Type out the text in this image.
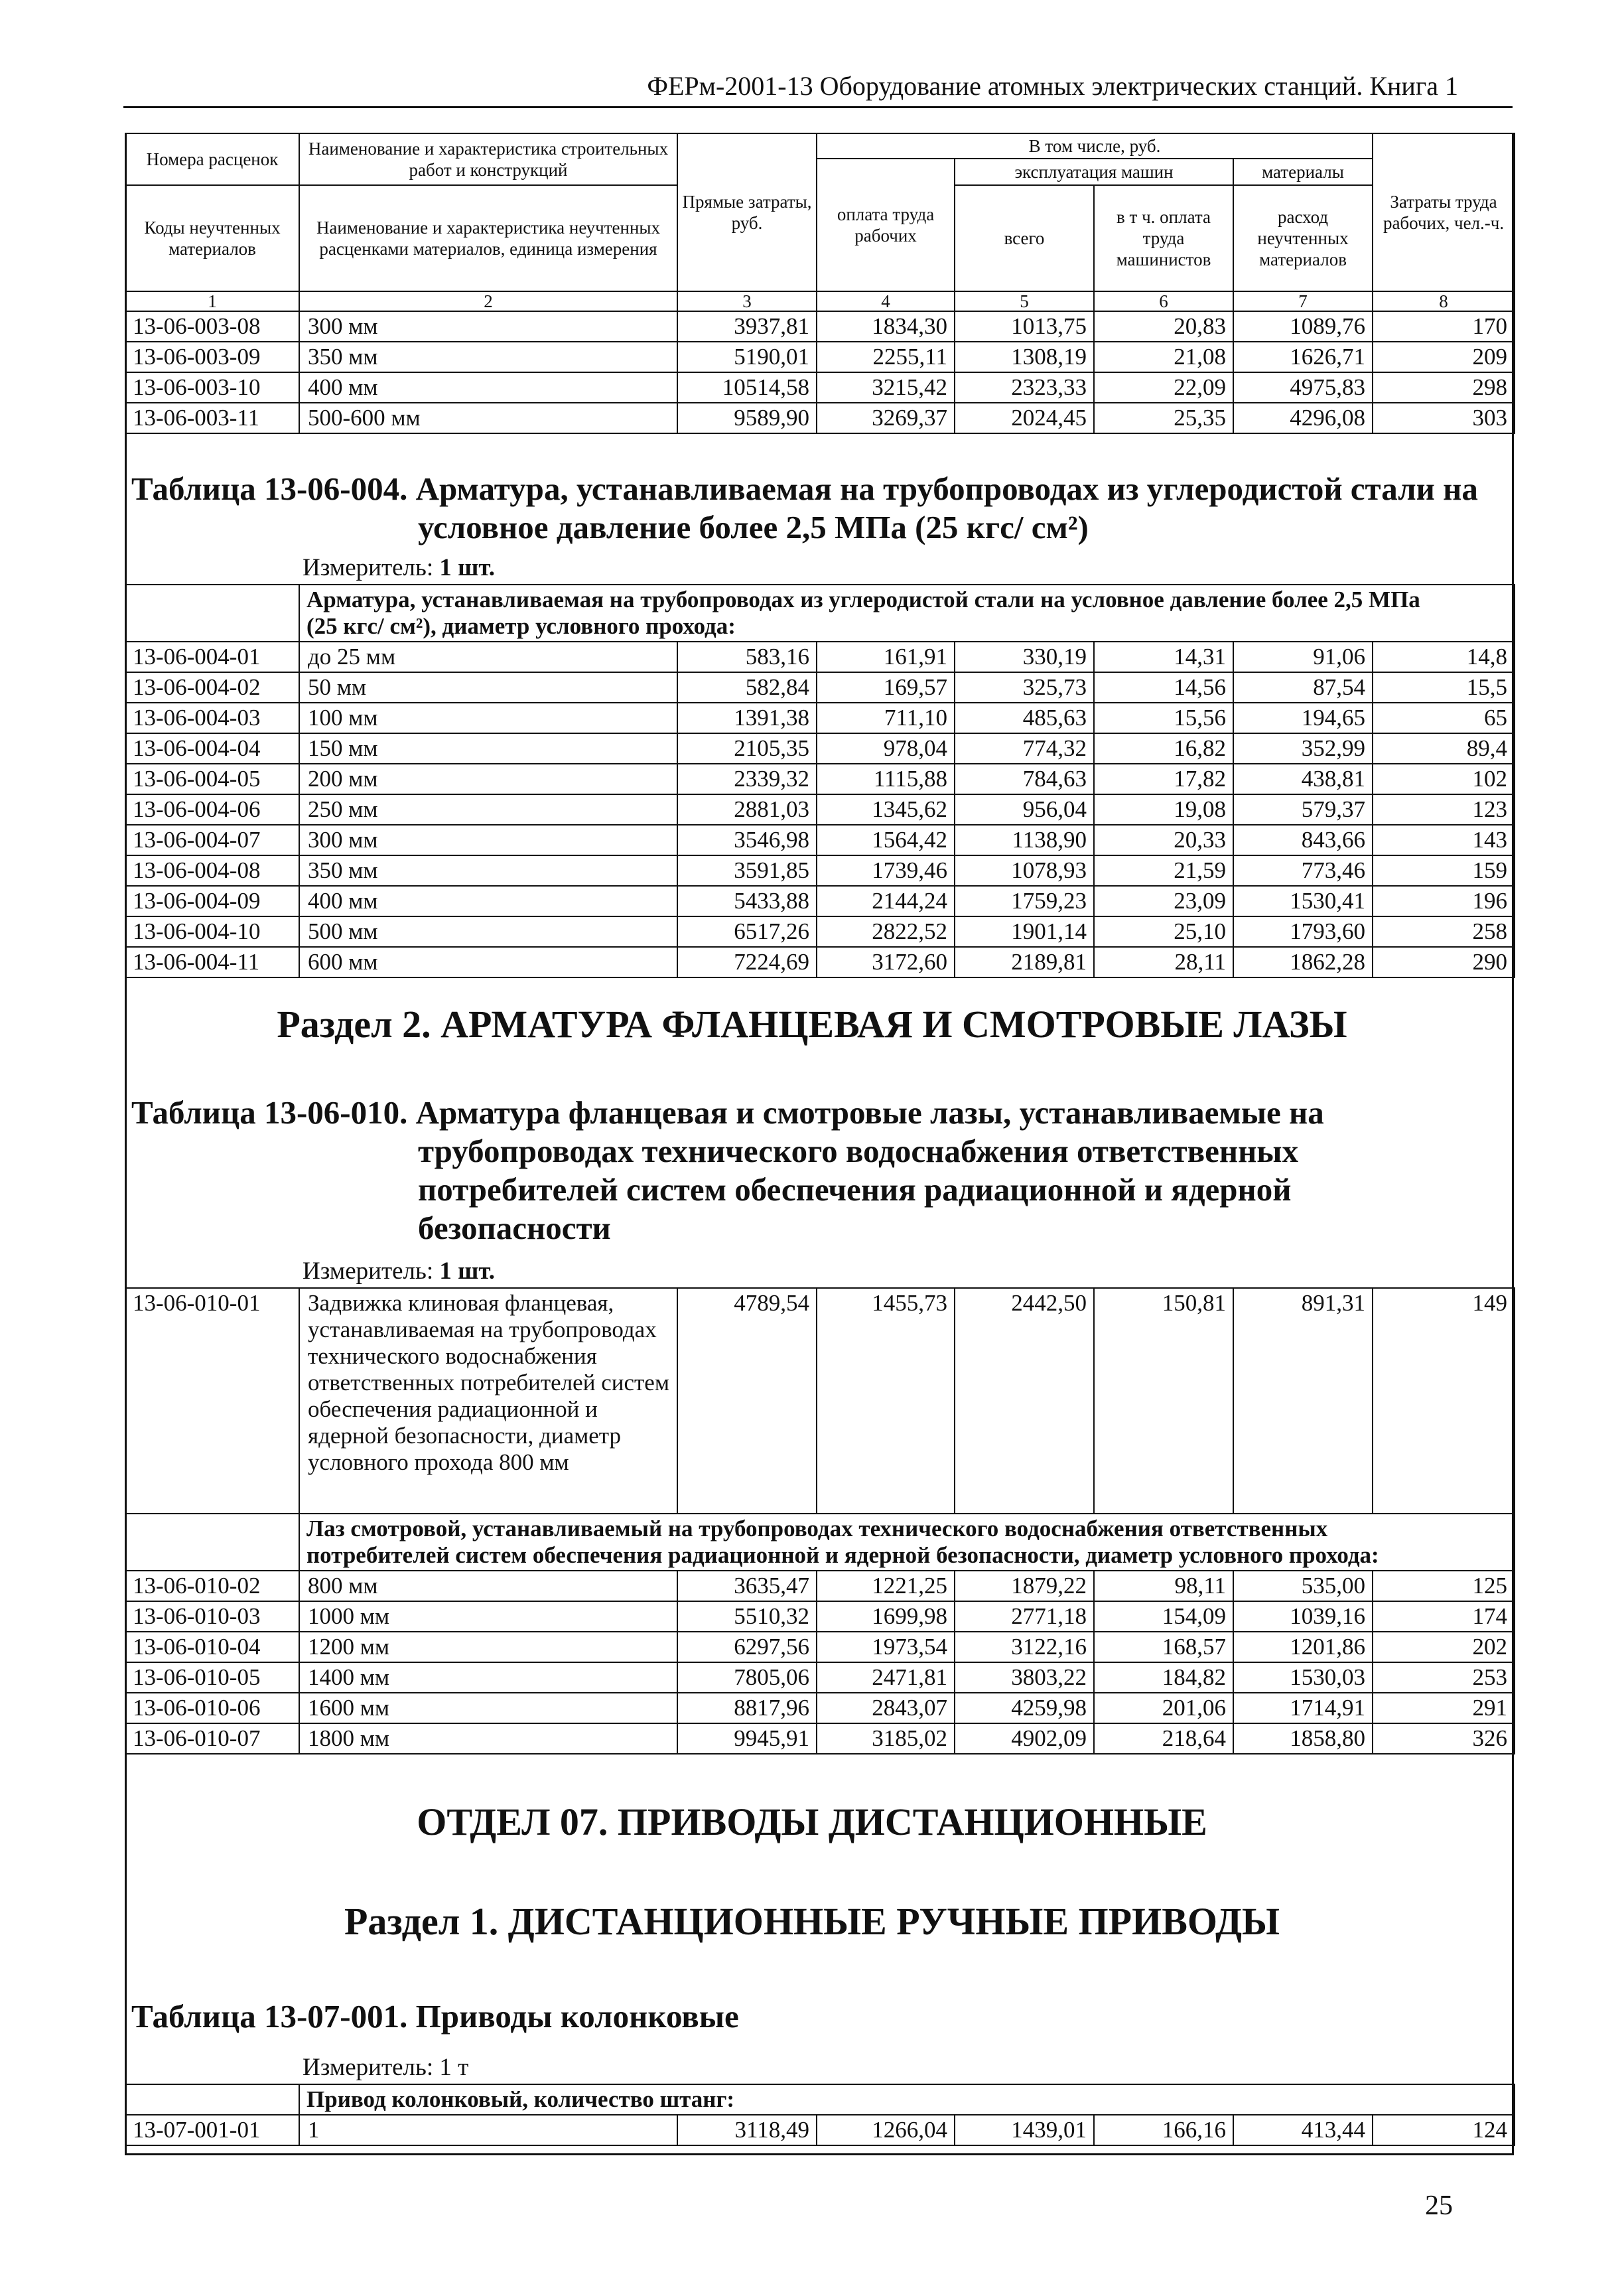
ФЕРм-2001-13 Оборудование атомных электрических станций. Книга 1
Номера расценок	Наименование и характеристика строительных работ и конструкций	Прямые затраты, руб.	В том числе, руб.				Затраты труда рабочих, чел.-ч.
			оплата труда рабочих	эксплуатация машин		материалы	
Коды неучтенных материалов	Наименование и характеристика неучтенных расценками материалов, единица измерения			всего	в т ч. оплата труда машинистов	расход неучтенных материалов	

1	2	3	4	5	6	7	8
13-06-003-08	300 мм	3937,81	1834,30	1013,75	20,83	1089,76	170
13-06-003-09	350 мм	5190,01	2255,11	1308,19	21,08	1626,71	209
13-06-003-10	400 мм	10514,58	3215,42	2323,33	22,09	4975,83	298
13-06-003-11	500-600 мм	9589,90	3269,37	2024,45	25,35	4296,08	303
Таблица 13-06-004. Арматура, устанавливаемая на трубопроводах из углеродистой стали на
условное давление более 2,5 МПа (25 кгс/ см²)
Измеритель: 1 шт.
	Арматура, устанавливаемая на трубопроводах из углеродистой стали на условное давление более 2,5 МПа
(25 кгс/ см²), диаметр условного прохода:						
13-06-004-01	до 25 мм	583,16	161,91	330,19	14,31	91,06	14,8
13-06-004-02	50 мм	582,84	169,57	325,73	14,56	87,54	15,5
13-06-004-03	100 мм	1391,38	711,10	485,63	15,56	194,65	65
13-06-004-04	150 мм	2105,35	978,04	774,32	16,82	352,99	89,4
13-06-004-05	200 мм	2339,32	1115,88	784,63	17,82	438,81	102
13-06-004-06	250 мм	2881,03	1345,62	956,04	19,08	579,37	123
13-06-004-07	300 мм	3546,98	1564,42	1138,90	20,33	843,66	143
13-06-004-08	350 мм	3591,85	1739,46	1078,93	21,59	773,46	159
13-06-004-09	400 мм	5433,88	2144,24	1759,23	23,09	1530,41	196
13-06-004-10	500 мм	6517,26	2822,52	1901,14	25,10	1793,60	258
13-06-004-11	600 мм	7224,69	3172,60	2189,81	28,11	1862,28	290
Раздел 2. АРМАТУРА ФЛАНЦЕВАЯ И СМОТРОВЫЕ ЛАЗЫ
Таблица 13-06-010. Арматура фланцевая и смотровые лазы, устанавливаемые на
трубопроводах технического водоснабжения ответственных
потребителей систем обеспечения радиационной и ядерной
безопасности
Измеритель: 1 шт.
13-06-010-01	Задвижка клиновая фланцевая, устанавливаемая на трубопроводах технического водоснабжения ответственных потребителей систем обеспечения радиационной и ядерной безопасности, диаметр условного прохода 800 мм	4789,54	1455,73	2442,50	150,81	891,31	149
	Лаз смотровой, устанавливаемый на трубопроводах технического водоснабжения ответственных
потребителей систем обеспечения радиационной и ядерной безопасности, диаметр условного прохода:						
13-06-010-02	800 мм	3635,47	1221,25	1879,22	98,11	535,00	125
13-06-010-03	1000 мм	5510,32	1699,98	2771,18	154,09	1039,16	174
13-06-010-04	1200 мм	6297,56	1973,54	3122,16	168,57	1201,86	202
13-06-010-05	1400 мм	7805,06	2471,81	3803,22	184,82	1530,03	253
13-06-010-06	1600 мм	8817,96	2843,07	4259,98	201,06	1714,91	291
13-06-010-07	1800 мм	9945,91	3185,02	4902,09	218,64	1858,80	326
ОТДЕЛ 07. ПРИВОДЫ ДИСТАНЦИОННЫЕ
Раздел 1. ДИСТАНЦИОННЫЕ РУЧНЫЕ ПРИВОДЫ
Таблица 13-07-001. Приводы колонковые
Измеритель: 1 т
	Привод колонковый, количество штанг:						
13-07-001-01	1	3118,49	1266,04	1439,01	166,16	413,44	124
25
